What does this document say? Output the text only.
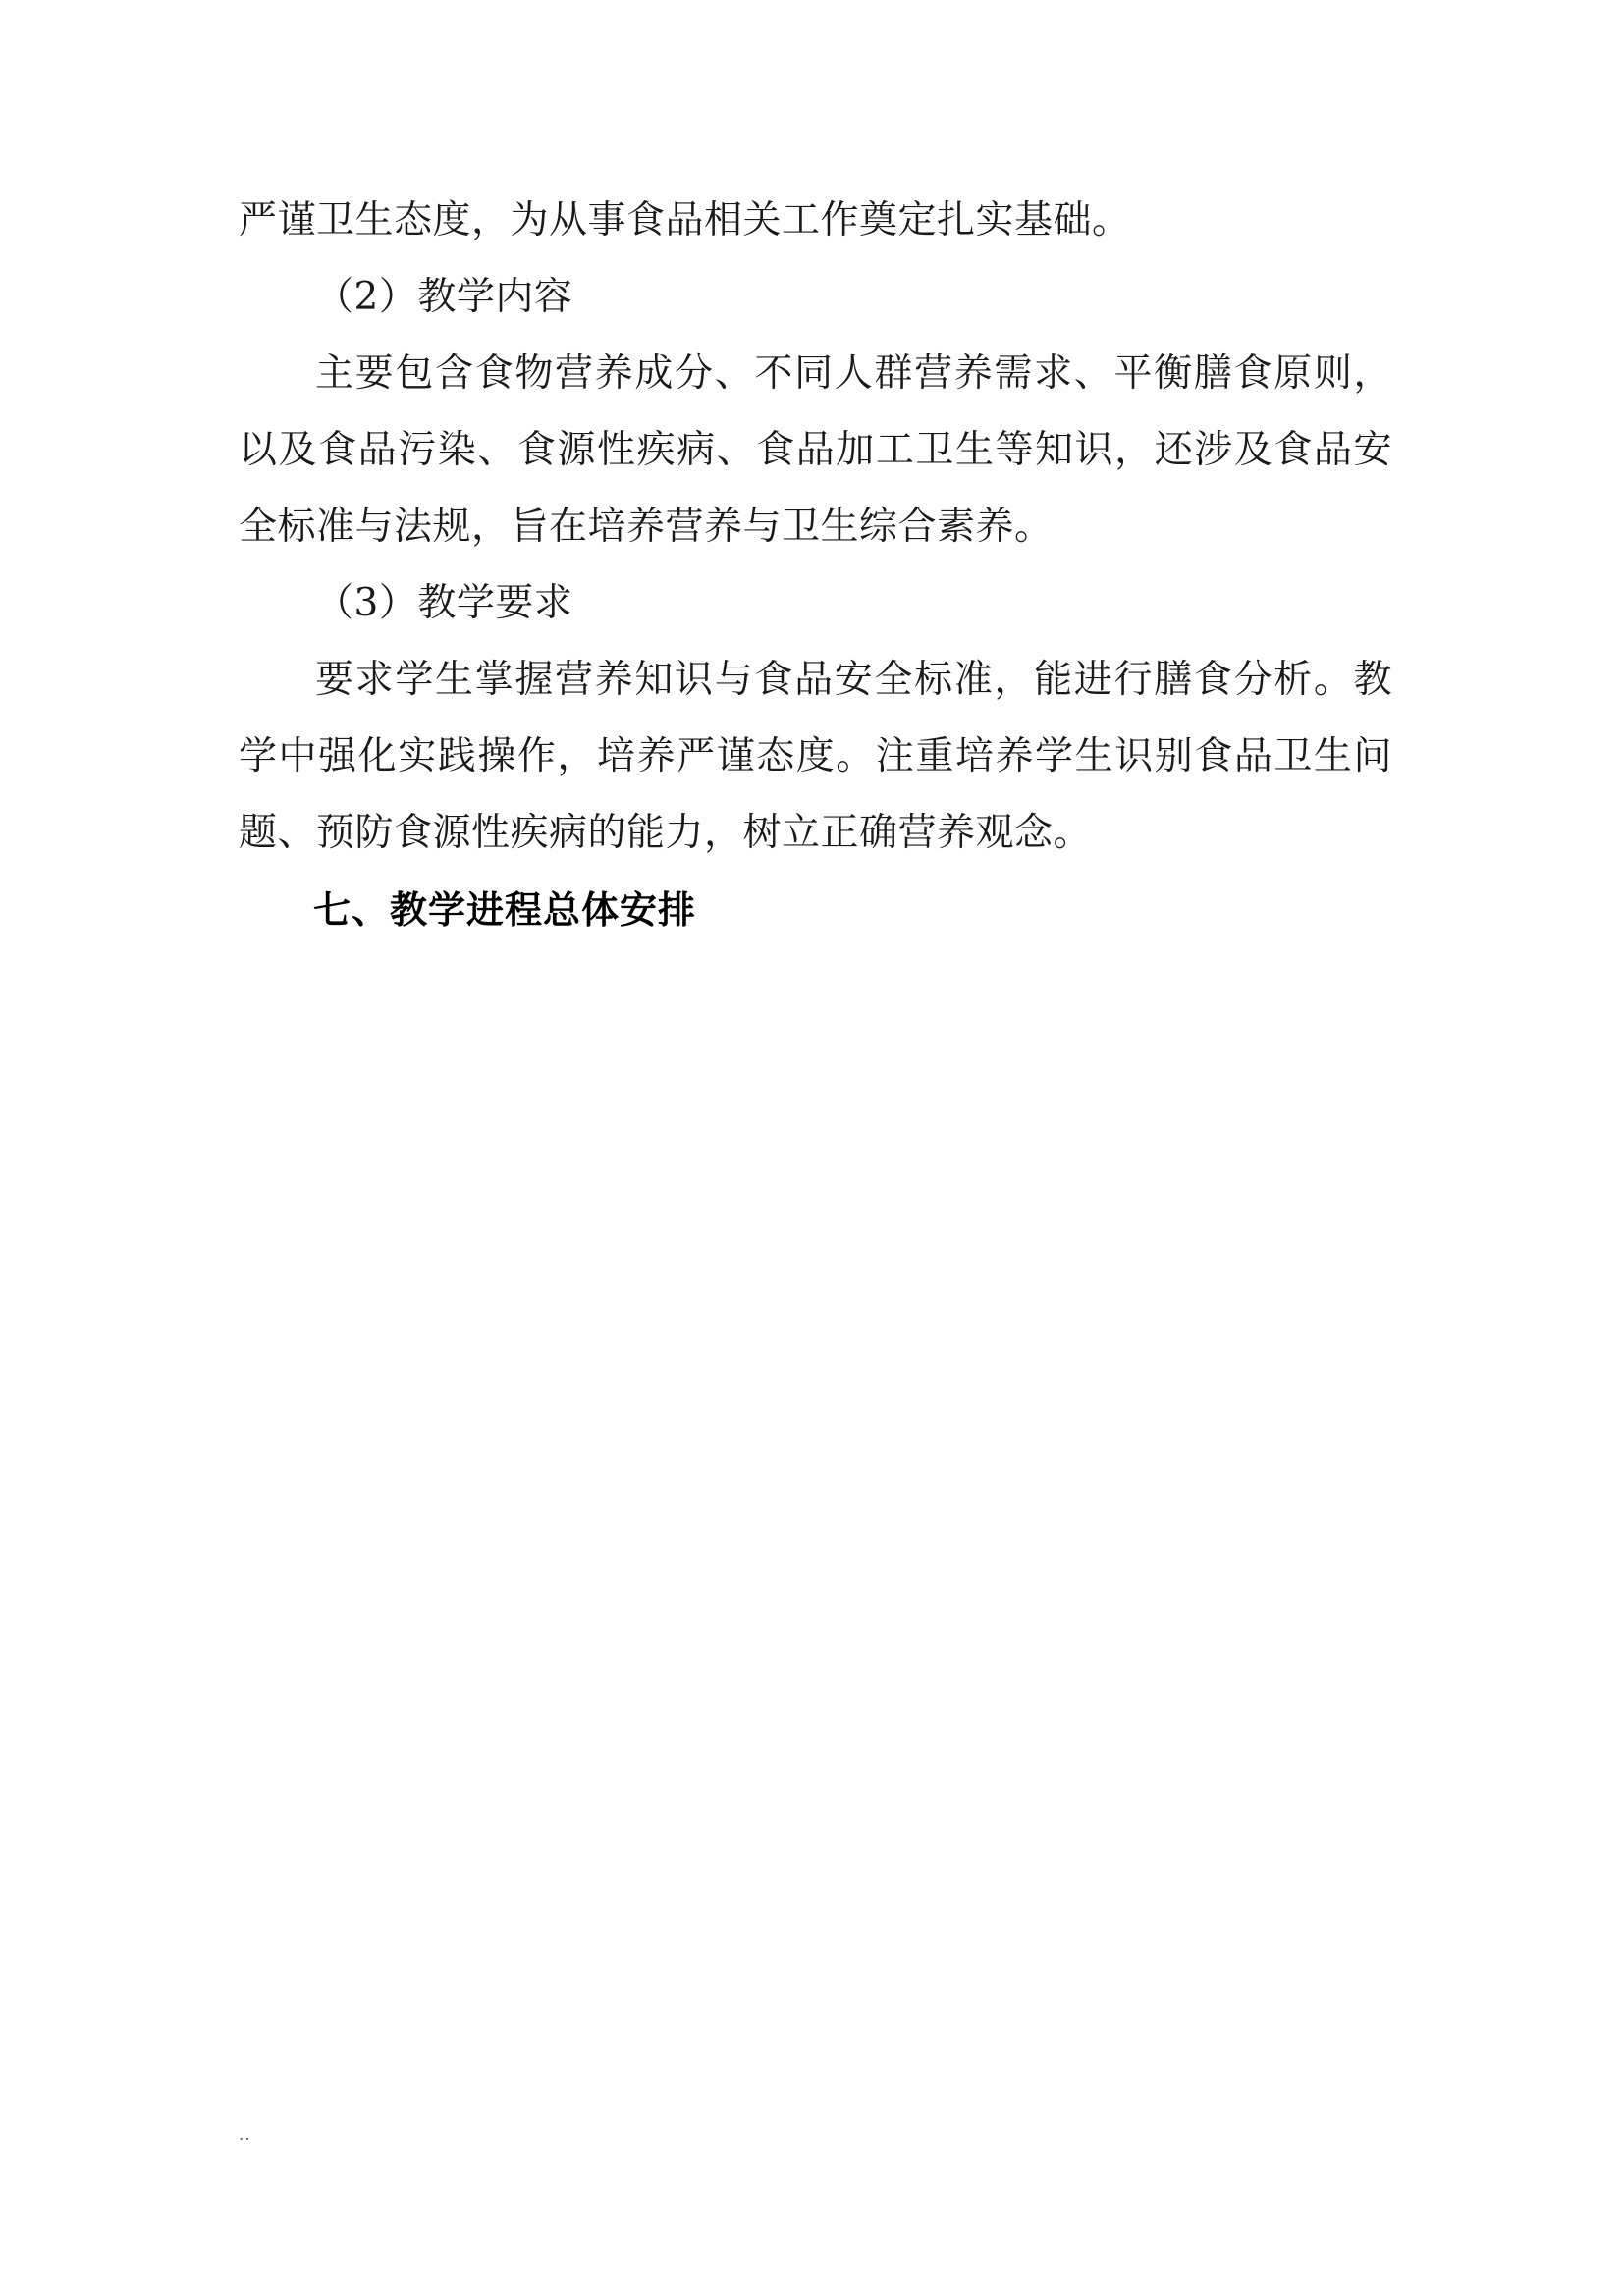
严谨卫生态度，为从事食品相关工作奠定扎实基础。

（2）教学内容

主要包含食物营养成分、不同人群营养需求、平衡膳食原则，以及食品污染、食源性疾病、食品加工卫生等知识，还涉及食品安全标准与法规，旨在培养营养与卫生综合素养。

（3）教学要求

要求学生掌握营养知识与食品安全标准，能进行膳食分析。教学中强化实践操作，培养严谨态度。注重培养学生识别食品卫生问题、预防食源性疾病的能力，树立正确营养观念。

七、教学进程总体安排
..
